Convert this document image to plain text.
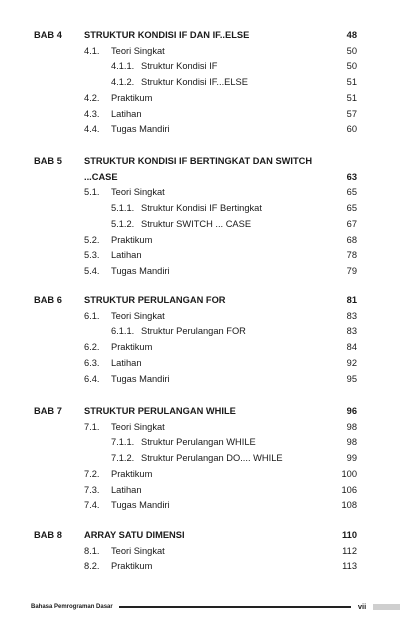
BAB 4 STRUKTUR KONDISI IF DAN IF..ELSE	48
4.1. Teori Singkat	50
4.1.1. Struktur Kondisi IF	50
4.1.2. Struktur Kondisi IF...ELSE	51
4.2. Praktikum	51
4.3. Latihan	57
4.4. Tugas Mandiri	60
BAB 5 STRUKTUR KONDISI IF BERTINGKAT DAN SWITCH
...CASE	63
5.1. Teori Singkat	65
5.1.1. Struktur Kondisi IF Bertingkat	65
5.1.2. Struktur SWITCH ... CASE	67
5.2. Praktikum	68
5.3. Latihan	78
5.4. Tugas Mandiri	79
BAB 6 STRUKTUR PERULANGAN FOR	81
6.1. Teori Singkat	83
6.1.1. Struktur Perulangan FOR	83
6.2. Praktikum	84
6.3. Latihan	92
6.4. Tugas Mandiri	95
BAB 7 STRUKTUR PERULANGAN WHILE	96
7.1. Teori Singkat	98
7.1.1. Struktur Perulangan WHILE	98
7.1.2. Struktur Perulangan DO.... WHILE	99
7.2. Praktikum	100
7.3. Latihan	106
7.4. Tugas Mandiri	108
BAB 8 ARRAY SATU DIMENSI	110
8.1. Teori Singkat	112
8.2. Praktikum	113
Bahasa Pemrograman Dasar	vii
